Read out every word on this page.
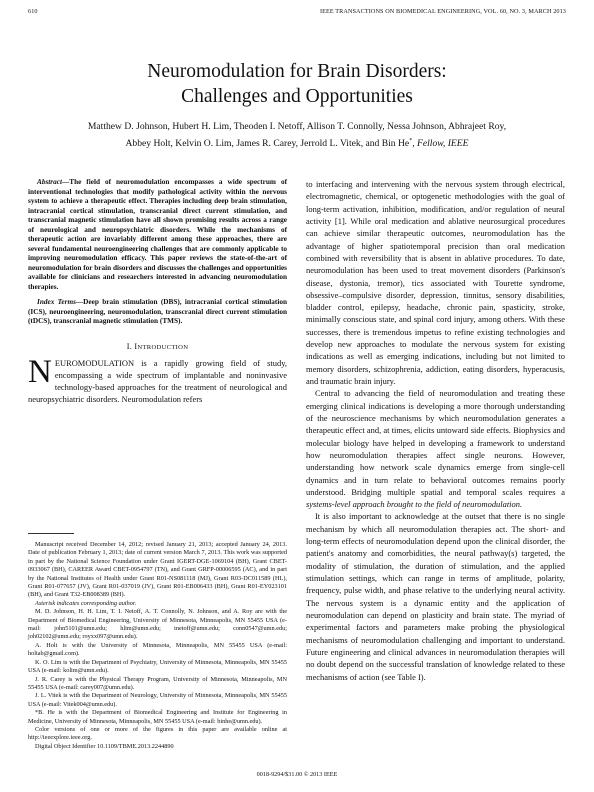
610	IEEE TRANSACTIONS ON BIOMEDICAL ENGINEERING, VOL. 60, NO. 3, MARCH 2013
Neuromodulation for Brain Disorders:
Challenges and Opportunities
Matthew D. Johnson, Hubert H. Lim, Theoden I. Netoff, Allison T. Connolly, Nessa Johnson, Abhrajeet Roy,
Abbey Holt, Kelvin O. Lim, James R. Carey, Jerrold L. Vitek, and Bin He*, Fellow, IEEE

Abstract—The field of neuromodulation encompasses a wide spectrum of interventional technologies that modify pathological activity within the nervous system to achieve a therapeutic effect. Therapies including deep brain stimulation, intracranial cortical stimulation, transcranial direct current stimulation, and transcranial magnetic stimulation have all shown promising results across a range of neurological and neuropsychiatric disorders. While the mechanisms of therapeutic action are invariably different among these approaches, there are several fundamental neuroengineering challenges that are commonly applicable to improving neuromodulation efficacy. This paper reviews the state-of-the-art of neuromodulation for brain disorders and discusses the challenges and opportunities available for clinicians and researchers interested in advancing neuromodulation therapies.

Index Terms—Deep brain stimulation (DBS), intracranial cortical stimulation (ICS), neuroengineering, neuromodulation, transcranial direct current stimulation (tDCS), transcranial magnetic stimulation (TMS).

I. INTRODUCTION

NEUROMODULATION is a rapidly growing field of study, encompassing a wide spectrum of implantable and noninvasive technology-based approaches for the treatment of neurological and neuropsychiatric disorders. Neuromodulation refers

Manuscript received December 14, 2012; revised January 21, 2013; accepted January 24, 2013. Date of publication February 1, 2013; date of current version March 7, 2013. This work was supported in part by the National Science Foundation under Grant IGERT-DGE-1069104 (BH), Grant CBET-0933067 (BH), CAREER Award CBET-0954797 (TN), and Grant GRFP-00006595 (AC), and in part by the National Institutes of Health under Grant R01-NS081118 (MJ), Grant R03-DC011589 (HL), Grant R01-077657 (JV), Grant R01-037019 (JV), Grant R01-EB006433 (BH), Grant R01-EY023101 (BH), and Grant T32-EB008389 (BH).

Asterisk indicates corresponding author.

M. D. Johnson, H. H. Lim, T. I. Netoff, A. T. Connolly, N. Johnson, and A. Roy are with the Department of Biomedical Engineering, University of Minnesota, Minneapolis, MN 55455 USA (e-mail: john5101@umn.edu; hlim@umn.edu; tnetoff@umn.edu; conn0547@umn.edu; joh02102@umn.edu; royxx097@umn.edu).

A. Holt is with the University of Minnesota, Minneapolis, MN 55455 USA (e-mail: holtab@gmail.com).

K. O. Lim is with the Department of Psychiatry, University of Minnesota, Minneapolis, MN 55455 USA (e-mail: kolim@umn.edu).

J. R. Carey is with the Physical Therapy Program, University of Minnesota, Minneapolis, MN 55455 USA (e-mail: carey007@umn.edu).

J. L. Vitek is with the Department of Neurology, University of Minnesota, Minneapolis, MN 55455 USA (e-mail: Vitek004@umn.edu).

*B. He is with the Department of Biomedical Engineering and Institute for Engineering in Medicine, University of Minnesota, Minneapolis, MN 55455 USA (e-mail: binhe@umn.edu).

Color versions of one or more of the figures in this paper are available online at http://ieeexplore.ieee.org.

Digital Object Identifier 10.1109/TBME.2013.2244890

to interfacing and intervening with the nervous system through electrical, electromagnetic, chemical, or optogenetic methodologies with the goal of long-term activation, inhibition, modification, and/or regulation of neural activity [1]. While oral medication and ablative neurosurgical procedures can achieve similar therapeutic outcomes, neuromodulation has the advantage of higher spatiotemporal precision than oral medication combined with reversibility that is absent in ablative procedures. To date, neuromodulation has been used to treat movement disorders (Parkinson's disease, dystonia, tremor), tics associated with Tourette syndrome, obsessive–compulsive disorder, depression, tinnitus, sensory disabilities, bladder control, epilepsy, headache, chronic pain, spasticity, stroke, minimally conscious state, and spinal cord injury, among others. With these successes, there is tremendous impetus to refine existing technologies and develop new approaches to modulate the nervous system for existing indications as well as emerging indications, including but not limited to memory disorders, schizophrenia, addiction, eating disorders, hyperacusis, and traumatic brain injury.

Central to advancing the field of neuromodulation and treating these emerging clinical indications is developing a more thorough understanding of the neuroscience mechanisms by which neuromodulation generates a therapeutic effect and, at times, elicits untoward side effects. Biophysics and molecular biology have helped in developing a framework to understand how neuromodulation therapies affect single neurons. However, understanding how network scale dynamics emerge from single-cell dynamics and in turn relate to behavioral outcomes remains poorly understood. Bridging multiple spatial and temporal scales requires a systems-level approach brought to the field of neuromodulation.

It is also important to acknowledge at the outset that there is no single mechanism by which all neuromodulation therapies act. The short- and long-term effects of neuromodulation depend upon the clinical disorder, the patient's anatomy and comorbidities, the neural pathway(s) targeted, the modality of stimulation, the duration of stimulation, and the applied stimulation settings, which can range in terms of amplitude, polarity, frequency, pulse width, and phase relative to the underlying neural activity. The nervous system is a dynamic entity and the application of neuromodulation can depend on plasticity and brain state. The myriad of experimental factors and parameters make probing the physiological mechanisms of neuromodulation challenging and important to understand. Future engineering and clinical advances in neuromodulation therapies will no doubt depend on the successful translation of knowledge related to these mechanisms of action (see Table I).

0018-9294/$31.00 © 2013 IEEE
